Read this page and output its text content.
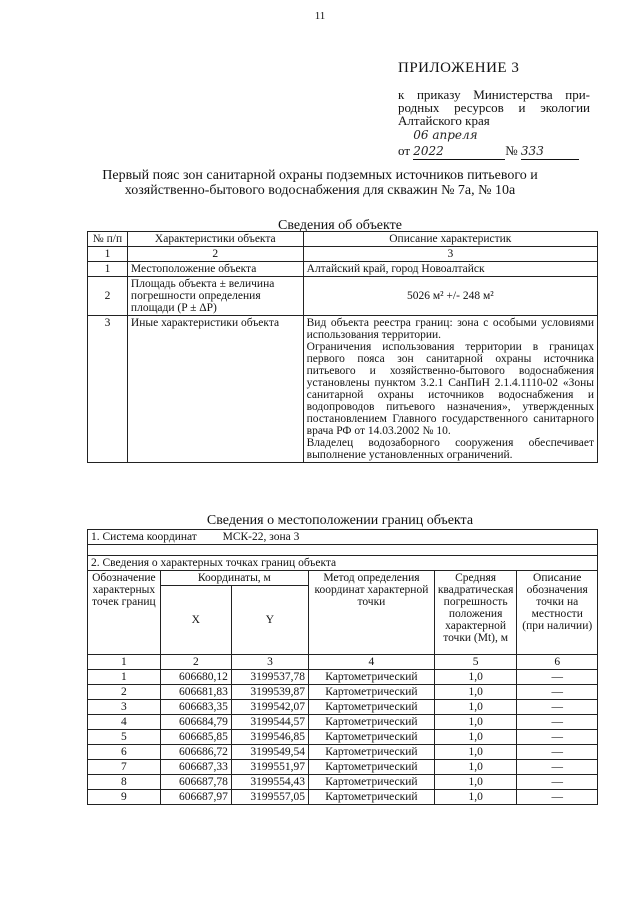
11
ПРИЛОЖЕНИЕ 3
к приказу Министерства при-
родных ресурсов и экологии
Алтайского края
от 06 апреля 2022	№ 333
Первый пояс зон санитарной охраны подземных источников питьевого и хозяйственно-бытового водоснабжения для скважин № 7а, № 10а
Сведения об объекте
№ п/п	Характеристики объекта	Описание характеристик
1	2	3
1	Местоположение объекта	Алтайский край, город Новоалтайск
2	Площадь объекта ± величина погрешности определения площади (P ± ΔP)	5026 м² +/- 248 м²
3	Иные характеристики объекта	Вид объекта реестра границ: зона с особыми условиями использования территории.

Ограничения использования территории в границах первого пояса зон санитарной охраны источника питьевого и хозяйственно-бытового водоснабжения установлены пунктом 3.2.1 СанПиН 2.1.4.1110-02 «Зоны санитарной охраны источников водоснабжения и водопроводов питьевого назначения», утвержденных постановлением Главного государственного санитарного врача РФ от 14.03.2002 № 10.

Владелец водозаборного сооружения обеспечивает выполнение установленных ограничений.

Сведения о местоположении границ объекта
1. Система координат МСК-22, зона 3					

2. Сведения о характерных точках границ объекта					
Обозначение характерных точек границ	Координаты, м		Метод определения координат характерной точки	Средняя квадратическая погрешность положения характерной точки (Mt), м	Описание обозначения точки на местности (при наличии)
	X	Y			
1	2	3	4	5	6
1	606680,12	3199537,78	Картометрический	1,0	—
2	606681,83	3199539,87	Картометрический	1,0	—
3	606683,35	3199542,07	Картометрический	1,0	—
4	606684,79	3199544,57	Картометрический	1,0	—
5	606685,85	3199546,85	Картометрический	1,0	—
6	606686,72	3199549,54	Картометрический	1,0	—
7	606687,33	3199551,97	Картометрический	1,0	—
8	606687,78	3199554,43	Картометрический	1,0	—
9	606687,97	3199557,05	Картометрический	1,0	—
